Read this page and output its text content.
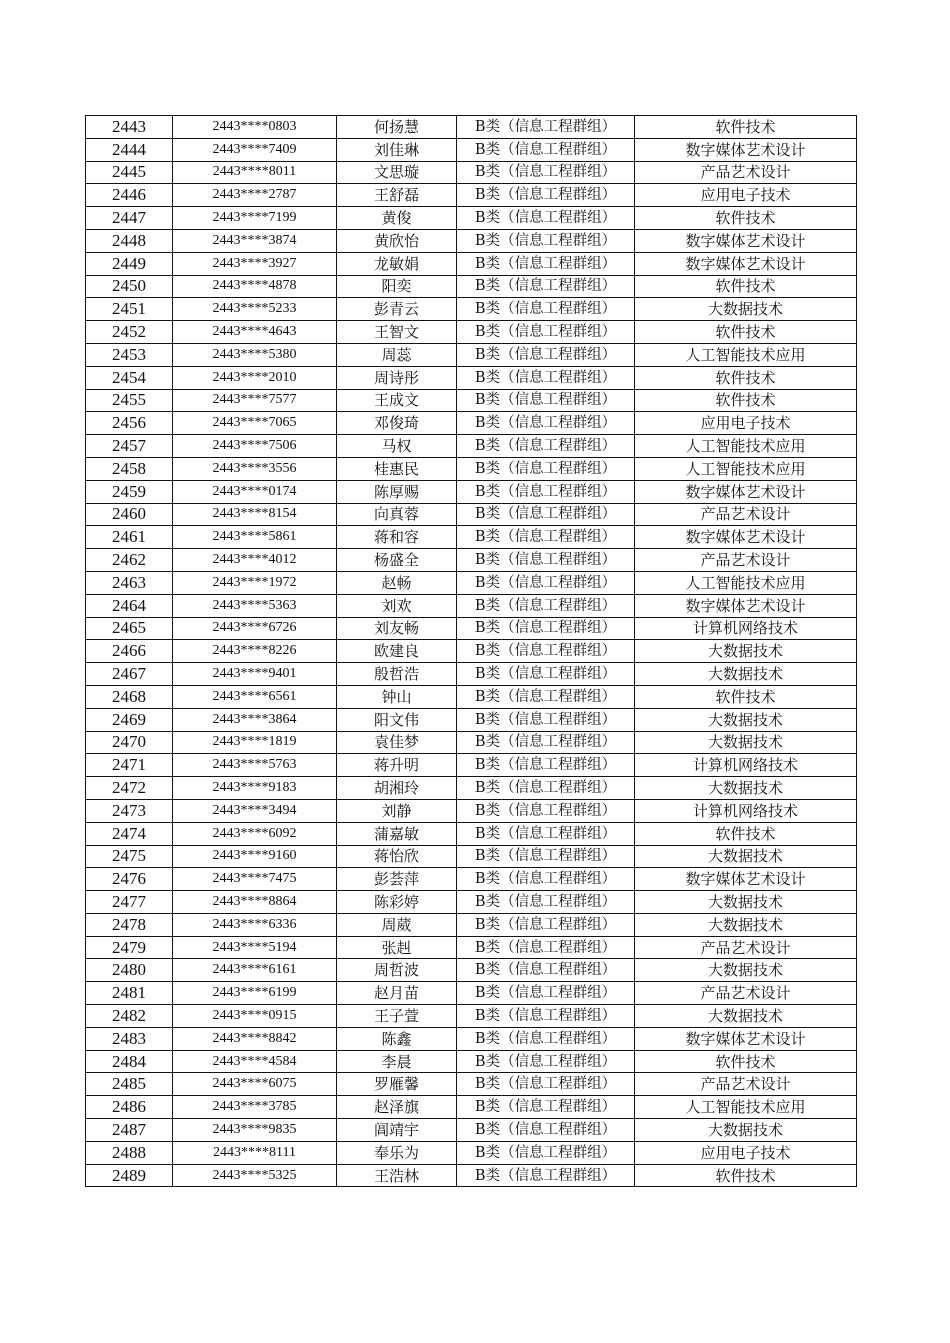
2443	2443****0803	何扬慧	B类（信息工程群组）	软件技术
2444	2443****7409	刘佳琳	B类（信息工程群组）	数字媒体艺术设计
2445	2443****8011	文思璇	B类（信息工程群组）	产品艺术设计
2446	2443****2787	王舒磊	B类（信息工程群组）	应用电子技术
2447	2443****7199	黄俊	B类（信息工程群组）	软件技术
2448	2443****3874	黄欣怡	B类（信息工程群组）	数字媒体艺术设计
2449	2443****3927	龙敏娟	B类（信息工程群组）	数字媒体艺术设计
2450	2443****4878	阳奕	B类（信息工程群组）	软件技术
2451	2443****5233	彭青云	B类（信息工程群组）	大数据技术
2452	2443****4643	王智文	B类（信息工程群组）	软件技术
2453	2443****5380	周蕊	B类（信息工程群组）	人工智能技术应用
2454	2443****2010	周诗彤	B类（信息工程群组）	软件技术
2455	2443****7577	王成文	B类（信息工程群组）	软件技术
2456	2443****7065	邓俊琦	B类（信息工程群组）	应用电子技术
2457	2443****7506	马权	B类（信息工程群组）	人工智能技术应用
2458	2443****3556	桂惠民	B类（信息工程群组）	人工智能技术应用
2459	2443****0174	陈厚赐	B类（信息工程群组）	数字媒体艺术设计
2460	2443****8154	向真蓉	B类（信息工程群组）	产品艺术设计
2461	2443****5861	蒋和容	B类（信息工程群组）	数字媒体艺术设计
2462	2443****4012	杨盛全	B类（信息工程群组）	产品艺术设计
2463	2443****1972	赵畅	B类（信息工程群组）	人工智能技术应用
2464	2443****5363	刘欢	B类（信息工程群组）	数字媒体艺术设计
2465	2443****6726	刘友畅	B类（信息工程群组）	计算机网络技术
2466	2443****8226	欧建良	B类（信息工程群组）	大数据技术
2467	2443****9401	殷哲浩	B类（信息工程群组）	大数据技术
2468	2443****6561	钟山	B类（信息工程群组）	软件技术
2469	2443****3864	阳文伟	B类（信息工程群组）	大数据技术
2470	2443****1819	袁佳梦	B类（信息工程群组）	大数据技术
2471	2443****5763	蒋升明	B类（信息工程群组）	计算机网络技术
2472	2443****9183	胡湘玲	B类（信息工程群组）	大数据技术
2473	2443****3494	刘静	B类（信息工程群组）	计算机网络技术
2474	2443****6092	蒲嘉敏	B类（信息工程群组）	软件技术
2475	2443****9160	蒋怡欣	B类（信息工程群组）	大数据技术
2476	2443****7475	彭荟萍	B类（信息工程群组）	数字媒体艺术设计
2477	2443****8864	陈彩婷	B类（信息工程群组）	大数据技术
2478	2443****6336	周葳	B类（信息工程群组）	大数据技术
2479	2443****5194	张赳	B类（信息工程群组）	产品艺术设计
2480	2443****6161	周哲波	B类（信息工程群组）	大数据技术
2481	2443****6199	赵月苗	B类（信息工程群组）	产品艺术设计
2482	2443****0915	王子萱	B类（信息工程群组）	大数据技术
2483	2443****8842	陈鑫	B类（信息工程群组）	数字媒体艺术设计
2484	2443****4584	李晨	B类（信息工程群组）	软件技术
2485	2443****6075	罗雁馨	B类（信息工程群组）	产品艺术设计
2486	2443****3785	赵泽旗	B类（信息工程群组）	人工智能技术应用
2487	2443****9835	阊靖宇	B类（信息工程群组）	大数据技术
2488	2443****8111	奉乐为	B类（信息工程群组）	应用电子技术
2489	2443****5325	王浩林	B类（信息工程群组）	软件技术
